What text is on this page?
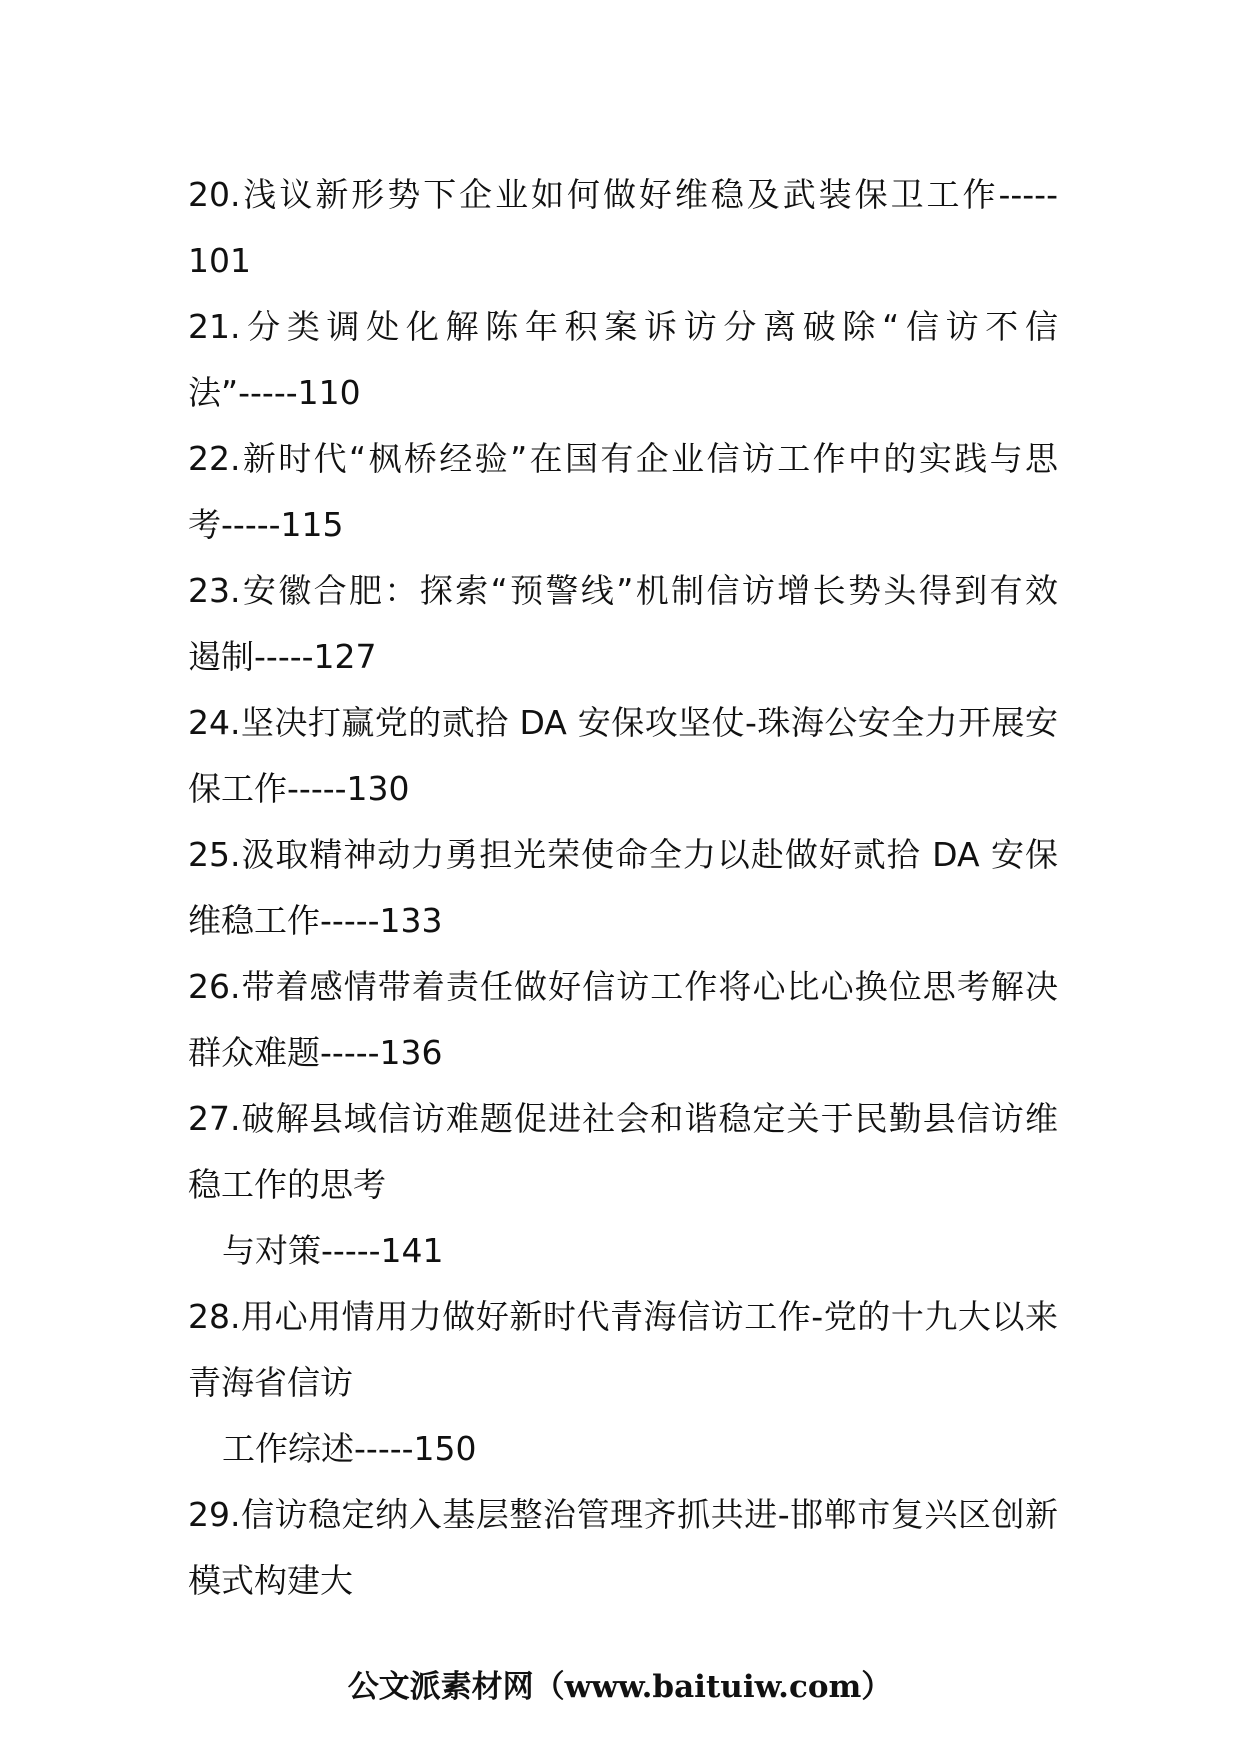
20.浅议新形势下企业如何做好维稳及武装保卫工作-----
101
21.分类调处化解陈年积案诉访分离破除“信访不信
法”-----110
22.新时代“枫桥经验”在国有企业信访工作中的实践与思
考-----115
23.安徽合肥：探索“预警线”机制信访增长势头得到有效
遏制-----127
24.坚决打赢党的贰拾 DA 安保攻坚仗-珠海公安全力开展安
保工作-----130
25.汲取精神动力勇担光荣使命全力以赴做好贰拾 DA 安保
维稳工作-----133
26.带着感情带着责任做好信访工作将心比心换位思考解决
群众难题-----136
27.破解县域信访难题促进社会和谐稳定关于民勤县信访维
稳工作的思考
与对策-----141
28.用心用情用力做好新时代青海信访工作-党的十九大以来
青海省信访
工作综述-----150
29.信访稳定纳入基层整治管理齐抓共进-邯郸市复兴区创新
模式构建大
公文派素材网（www.baituiw.com）
